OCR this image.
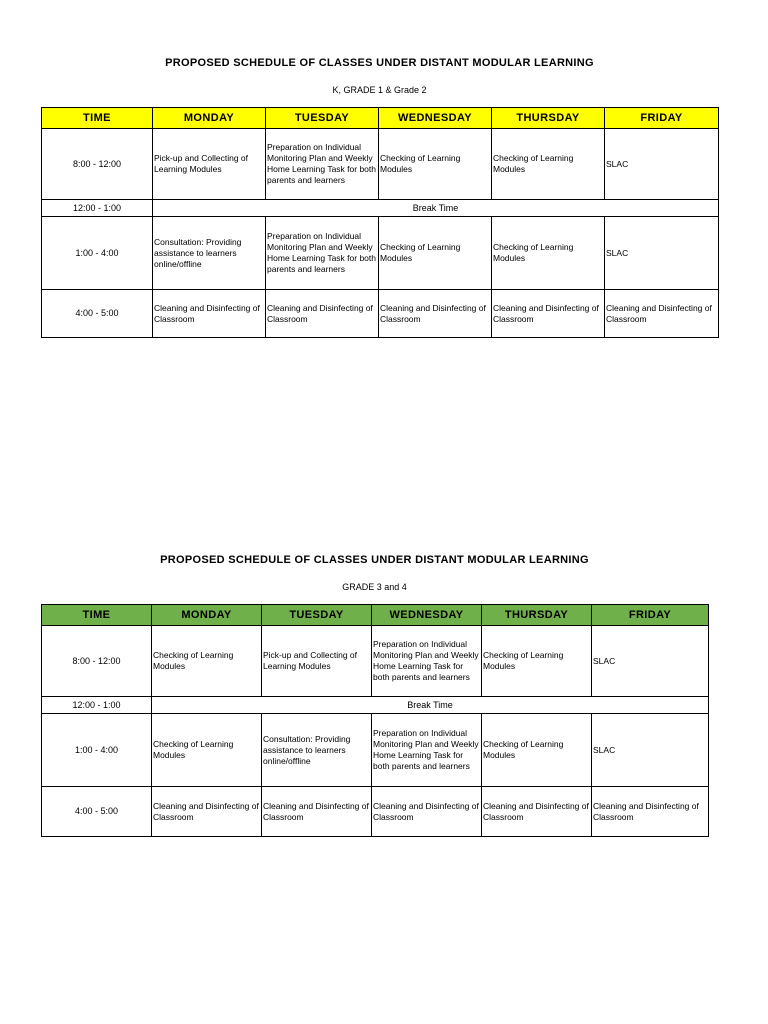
PROPOSED SCHEDULE OF CLASSES UNDER DISTANT MODULAR LEARNING
K, GRADE 1 & Grade 2
TIME	MONDAY	TUESDAY	WEDNESDAY	THURSDAY	FRIDAY
8:00 - 12:00	Pick-up and Collecting of Learning Modules	Preparation on Individual Monitoring Plan and Weekly Home Learning Task for both parents and learners	Checking of Learning Modules	Checking of Learning Modules	SLAC
12:00 - 1:00	Break Time				
1:00 - 4:00	Consultation: Providing assistance to learners online/offline	Preparation on Individual Monitoring Plan and Weekly Home Learning Task for both parents and learners	Checking of Learning Modules	Checking of Learning Modules	SLAC
4:00 - 5:00	Cleaning and Disinfecting of Classroom	Cleaning and Disinfecting of Classroom	Cleaning and Disinfecting of Classroom	Cleaning and Disinfecting of Classroom	Cleaning and Disinfecting of Classroom
PROPOSED SCHEDULE OF CLASSES UNDER DISTANT MODULAR LEARNING
GRADE 3 and 4
TIME	MONDAY	TUESDAY	WEDNESDAY	THURSDAY	FRIDAY
8:00 - 12:00	Checking of Learning Modules	Pick-up and Collecting of Learning Modules	Preparation on Individual Monitoring Plan and Weekly Home Learning Task for both parents and learners	Checking of Learning Modules	SLAC
12:00 - 1:00	Break Time				
1:00 - 4:00	Checking of Learning Modules	Consultation: Providing assistance to learners online/offline	Preparation on Individual Monitoring Plan and Weekly Home Learning Task for both parents and learners	Checking of Learning Modules	SLAC
4:00 - 5:00	Cleaning and Disinfecting of Classroom	Cleaning and Disinfecting of Classroom	Cleaning and Disinfecting of Classroom	Cleaning and Disinfecting of Classroom	Cleaning and Disinfecting of Classroom
